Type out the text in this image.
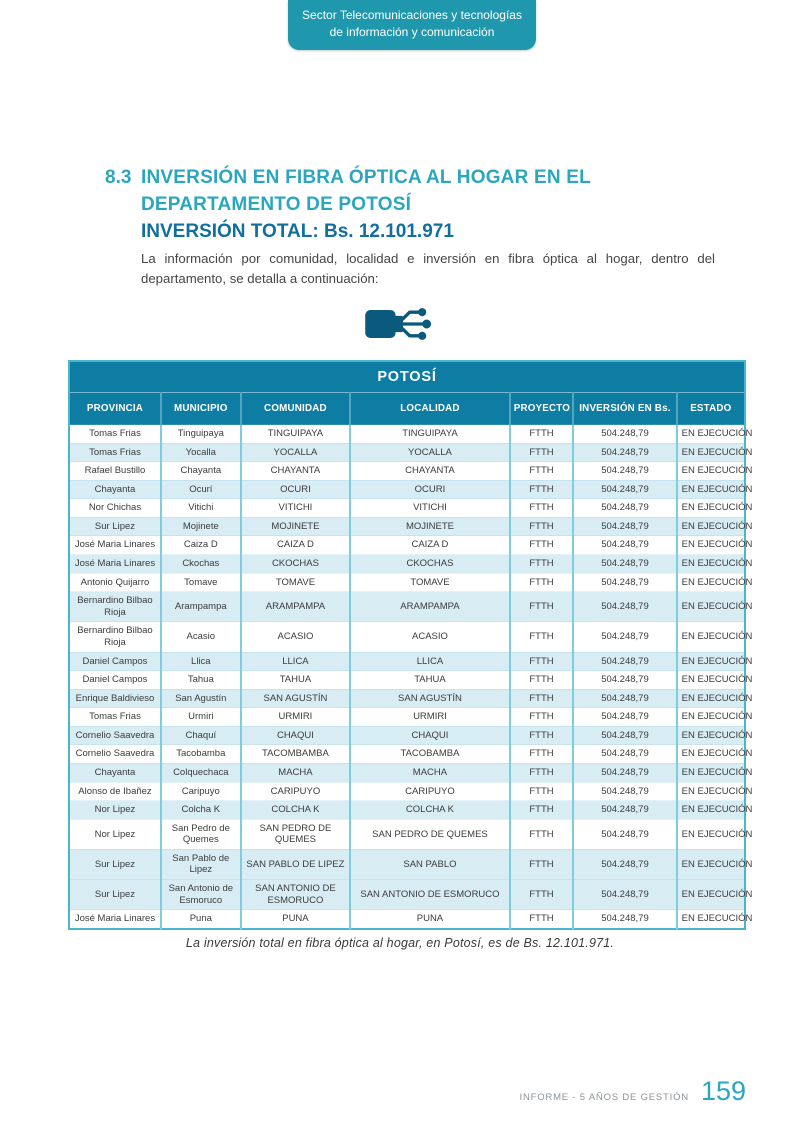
Sector Telecomunicaciones y tecnologías
de información y comunicación
8.3 INVERSIÓN EN FIBRA ÓPTICA AL HOGAR EN EL
DEPARTAMENTO DE POTOSÍ
INVERSIÓN TOTAL: Bs. 12.101.971

La información por comunidad, localidad e inversión en fibra óptica al hogar, dentro del departamento, se detalla a continuación:

POTOSÍ						
PROVINCIA	MUNICIPIO	COMUNIDAD	LOCALIDAD	PROYECTO	INVERSIÓN EN Bs.	ESTADO
Tomas Frias	Tinguipaya	TINGUIPAYA	TINGUIPAYA	FTTH	504.248,79	EN EJECUCIÓN
Tomas Frias	Yocalla	YOCALLA	YOCALLA	FTTH	504.248,79	EN EJECUCIÓN
Rafael Bustillo	Chayanta	CHAYANTA	CHAYANTA	FTTH	504.248,79	EN EJECUCIÓN
Chayanta	Ocurí	OCURI	OCURI	FTTH	504.248,79	EN EJECUCIÓN
Nor Chichas	Vitichi	VITICHI	VITICHI	FTTH	504.248,79	EN EJECUCIÓN
Sur Lipez	Mojinete	MOJINETE	MOJINETE	FTTH	504.248,79	EN EJECUCIÓN
José Maria Linares	Caiza D	CAIZA D	CAIZA D	FTTH	504.248,79	EN EJECUCIÓN
José Maria Linares	Ckochas	CKOCHAS	CKOCHAS	FTTH	504.248,79	EN EJECUCIÓN
Antonio Quijarro	Tomave	TOMAVE	TOMAVE	FTTH	504.248,79	EN EJECUCIÓN
Bernardino Bilbao Rioja	Arampampa	ARAMPAMPA	ARAMPAMPA	FTTH	504.248,79	EN EJECUCIÓN
Bernardino Bilbao Rioja	Acasio	ACASIO	ACASIO	FTTH	504.248,79	EN EJECUCIÓN
Daniel Campos	Llica	LLICA	LLICA	FTTH	504.248,79	EN EJECUCIÓN
Daniel Campos	Tahua	TAHUA	TAHUA	FTTH	504.248,79	EN EJECUCIÓN
Enrique Baldivieso	San Agustín	SAN AGUSTÍN	SAN AGUSTÍN	FTTH	504.248,79	EN EJECUCIÓN
Tomas Frias	Urmiri	URMIRI	URMIRI	FTTH	504.248,79	EN EJECUCIÓN
Cornelio Saavedra	Chaquí	CHAQUI	CHAQUI	FTTH	504.248,79	EN EJECUCIÓN
Cornelio Saavedra	Tacobamba	TACOMBAMBA	TACOBAMBA	FTTH	504.248,79	EN EJECUCIÓN
Chayanta	Colquechaca	MACHA	MACHA	FTTH	504.248,79	EN EJECUCIÓN
Alonso de Ibañez	Caripuyo	CARIPUYO	CARIPUYO	FTTH	504.248,79	EN EJECUCIÓN
Nor Lipez	Colcha K	COLCHA K	COLCHA K	FTTH	504.248,79	EN EJECUCIÓN
Nor Lipez	San Pedro de Quemes	SAN PEDRO DE QUEMES	SAN PEDRO DE QUEMES	FTTH	504.248,79	EN EJECUCIÓN
Sur Lipez	San Pablo de Lipez	SAN PABLO DE LIPEZ	SAN PABLO	FTTH	504.248,79	EN EJECUCIÓN
Sur Lipez	San Antonio de Esmoruco	SAN ANTONIO DE ESMORUCO	SAN ANTONIO DE ESMORUCO	FTTH	504.248,79	EN EJECUCIÓN
José Maria Linares	Puna	PUNA	PUNA	FTTH	504.248,79	EN EJECUCIÓN
La inversión total en fibra óptica al hogar, en Potosí, es de Bs. 12.101.971.
INFORME - 5 AÑOS DE GESTIÓN 159
